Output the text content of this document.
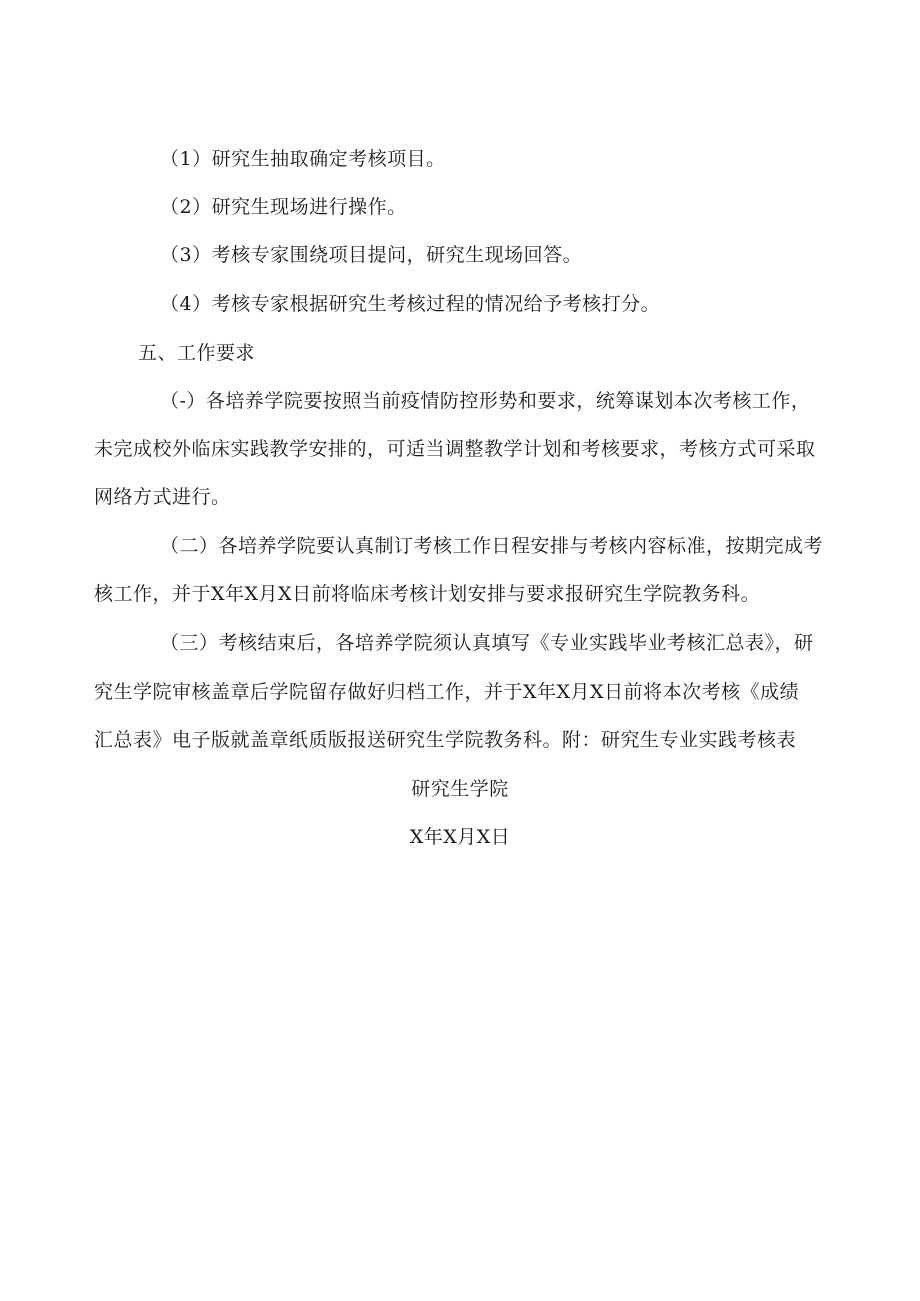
（1）研究生抽取确定考核项目。
（2）研究生现场进行操作。
（3）考核专家围绕项目提问，研究生现场回答。
（4）考核专家根据研究生考核过程的情况给予考核打分。
五、工作要求
（-）各培养学院要按照当前疫情防控形势和要求，统筹谋划本次考核工作，
未完成校外临床实践教学安排的，可适当调整教学计划和考核要求，考核方式可采取
网络方式进行。
（二）各培养学院要认真制订考核工作日程安排与考核内容标准，按期完成考
核工作，并于X年X月X日前将临床考核计划安排与要求报研究生学院教务科。
（三）考核结束后，各培养学院须认真填写《专业实践毕业考核汇总表》，研
究生学院审核盖章后学院留存做好归档工作，并于X年X月X日前将本次考核《成绩
汇总表》电子版就盖章纸质版报送研究生学院教务科。附：研究生专业实践考核表
研究生学院
X年X月X日
